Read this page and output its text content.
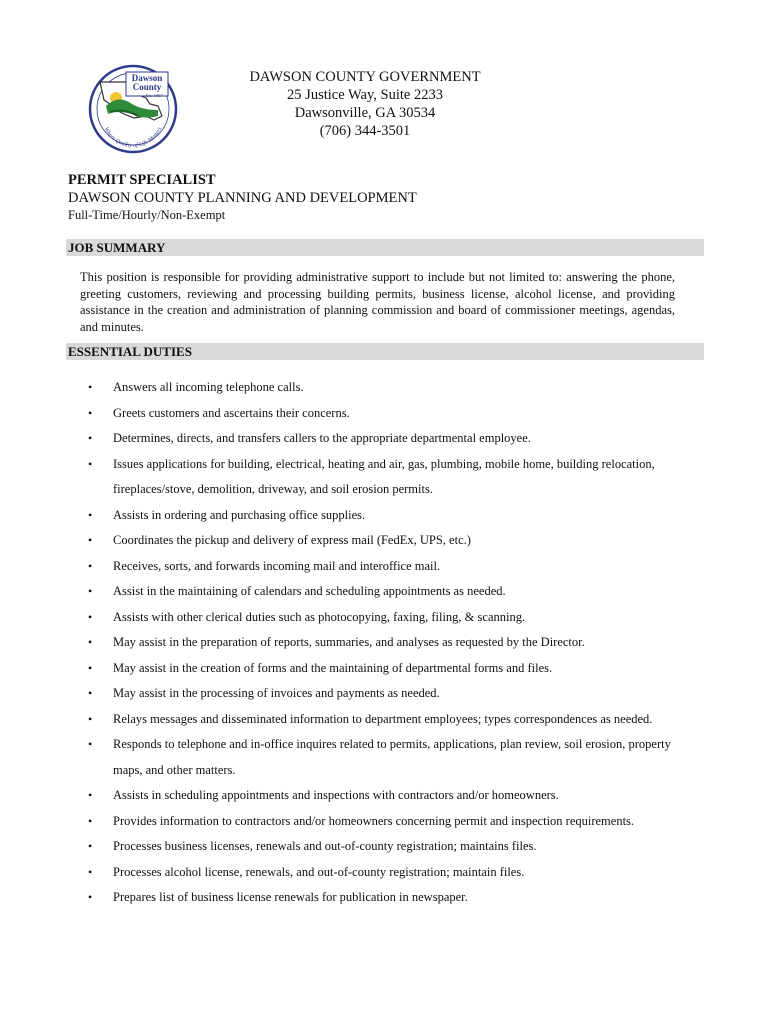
Dawson
County
Est. 1857
Where Quality of Life Matters
DAWSON COUNTY GOVERNMENT
25 Justice Way, Suite 2233
Dawsonville, GA 30534
(706) 344-3501
PERMIT SPECIALIST
DAWSON COUNTY PLANNING AND DEVELOPMENT
Full-Time/Hourly/Non-Exempt
JOB SUMMARY
This position is responsible for providing administrative support to include but not limited to: answering the phone, greeting customers, reviewing and processing building permits, business license, alcohol license, and providing assistance in the creation and administration of planning commission and board of commissioner meetings, agendas, and minutes.
ESSENTIAL DUTIES
• Answers all incoming telephone calls.
• Greets customers and ascertains their concerns.
• Determines, directs, and transfers callers to the appropriate departmental employee.
• Issues applications for building, electrical, heating and air, gas, plumbing, mobile home, building relocation, fireplaces/stove, demolition, driveway, and soil erosion permits.
• Assists in ordering and purchasing office supplies.
• Coordinates the pickup and delivery of express mail (FedEx, UPS, etc.)
• Receives, sorts, and forwards incoming mail and interoffice mail.
• Assist in the maintaining of calendars and scheduling appointments as needed.
• Assists with other clerical duties such as photocopying, faxing, filing, & scanning.
• May assist in the preparation of reports, summaries, and analyses as requested by the Director.
• May assist in the creation of forms and the maintaining of departmental forms and files.
• May assist in the processing of invoices and payments as needed.
• Relays messages and disseminated information to department employees; types correspondences as needed.
• Responds to telephone and in-office inquires related to permits, applications, plan review, soil erosion, property maps, and other matters.
• Assists in scheduling appointments and inspections with contractors and/or homeowners.
• Provides information to contractors and/or homeowners concerning permit and inspection requirements.
• Processes business licenses, renewals and out-of-county registration; maintains files.
• Processes alcohol license, renewals, and out-of-county registration; maintain files.
• Prepares list of business license renewals for publication in newspaper.
